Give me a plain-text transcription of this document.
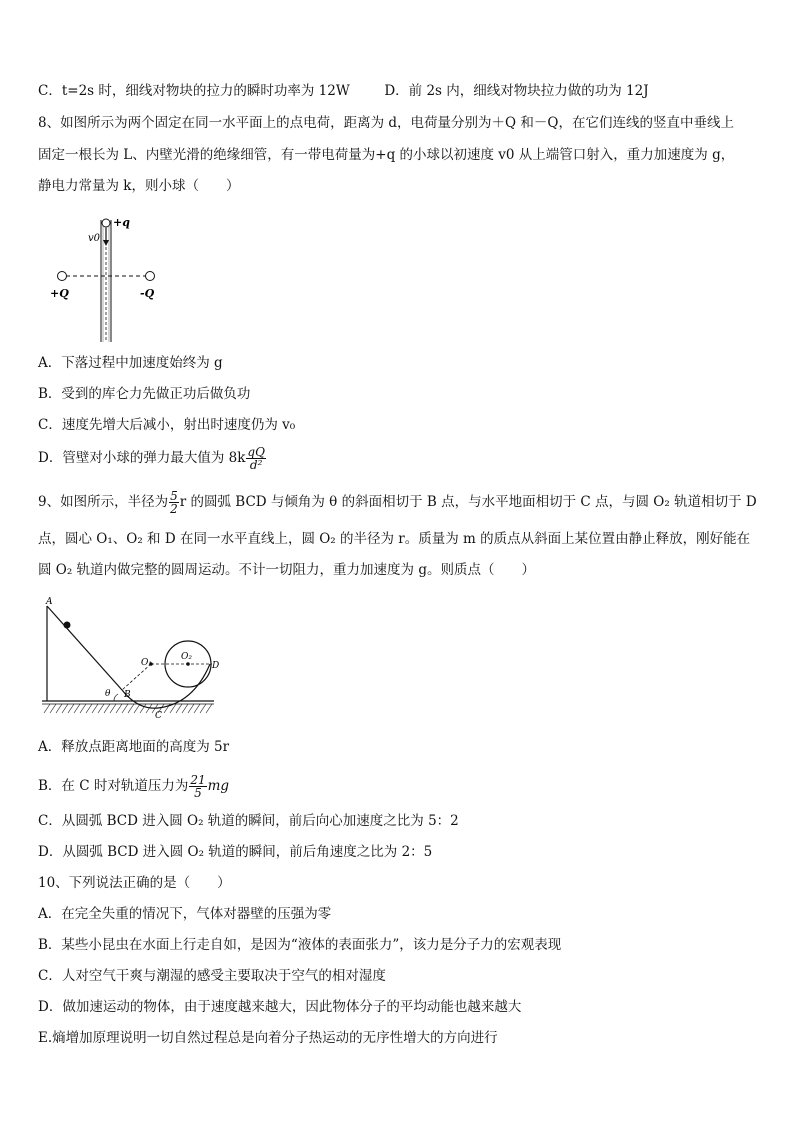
C．t=2s 时，细线对物块的拉力的瞬时功率为 12W	D．前 2s 内，细线对物块拉力做的功为 12J
8、如图所示为两个固定在同一水平面上的点电荷，距离为 d，电荷量分别为＋Q 和－Q，在它们连线的竖直中垂线上
固定一根长为 L、内壁光滑的绝缘细管，有一带电荷量为+q 的小球以初速度 v0 从上端管口射入，重力加速度为 g，
静电力常量为 k，则小球（　　）
+q
v0
+Q	-Q
A．下落过程中加速度始终为 g
B．受到的库仑力先做正功后做负功
C．速度先增大后减小，射出时速度仍为 v₀
D．管壁对小球的弹力最大值为 $8k \frac{qQ}{\text{d²}}$
9、如图所示，半径为 $\frac{5}{2}$ r 的圆弧 BCD 与倾角为 θ 的斜面相切于 B 点，与水平地面相切于 C 点，与圆 O₂ 轨道相切于 D
点，圆心 O₁、O₂ 和 D 在同一水平直线上，圆 O₂ 的半径为 r。质量为 m 的质点从斜面上某位置由静止释放，刚好能在
圆 O₂ 轨道内做完整的圆周运动。不计一切阻力，重力加速度为 g。则质点（　　）
A
B
C
D
O₁
O₂
θ
A．释放点距离地面的高度为 5r
B．在 C 时对轨道压力为 $\frac{21}{5}$ mg
C．从圆弧 BCD 进入圆 O₂ 轨道的瞬间，前后向心加速度之比为 5：2
D．从圆弧 BCD 进入圆 O₂ 轨道的瞬间，前后角速度之比为 2：5
10、下列说法正确的是（　　）
A．在完全失重的情况下，气体对器壁的压强为零
B．某些小昆虫在水面上行走自如，是因为“液体的表面张力”，该力是分子力的宏观表现
C．人对空气干爽与潮湿的感受主要取决于空气的相对湿度
D．做加速运动的物体，由于速度越来越大，因此物体分子的平均动能也越来越大
E.熵增加原理说明一切自然过程总是向着分子热运动的无序性增大的方向进行
